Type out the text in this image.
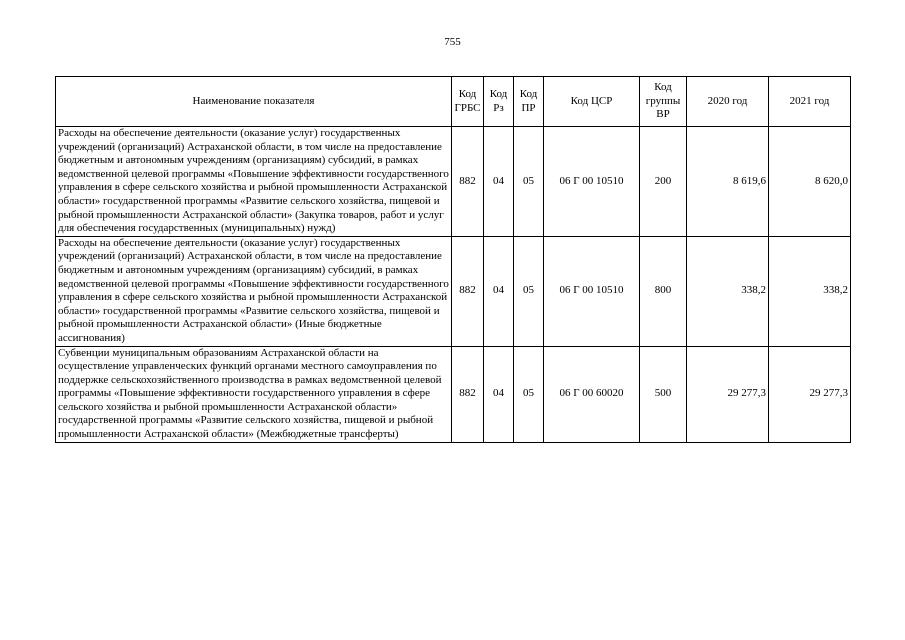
755
Наименование показателя	Код ГРБС	Код Рз	Код ПР	Код ЦСР	Код группы ВР	2020 год	2021 год
Расходы на обеспечение деятельности (оказание услуг) государственных учреждений (организаций) Астраханской области, в том числе на предоставление бюджетным и автономным учреждениям (организациям) субсидий, в рамках ведомственной целевой программы «Повышение эффективности государственного управления в сфере сельского хозяйства и рыбной промышленности Астраханской области» государственной программы «Развитие сельского хозяйства, пищевой и рыбной промышленности Астраханской области» (Закупка товаров, работ и услуг для обеспечения государственных (муниципальных) нужд)	882	04	05	06 Г 00 10510	200	8 619,6	8 620,0
Расходы на обеспечение деятельности (оказание услуг) государственных учреждений (организаций) Астраханской области, в том числе на предоставление бюджетным и автономным учреждениям (организациям) субсидий, в рамках ведомственной целевой программы «Повышение эффективности государственного управления в сфере сельского хозяйства и рыбной промышленности Астраханской области» государственной программы «Развитие сельского хозяйства, пищевой и рыбной промышленности Астраханской области» (Иные бюджетные ассигнования)	882	04	05	06 Г 00 10510	800	338,2	338,2
Субвенции муниципальным образованиям Астраханской области на осуществление управленческих функций органами местного самоуправления по поддержке сельскохозяйственного производства в рамках ведомственной целевой программы «Повышение эффективности государственного управления в сфере сельского хозяйства и рыбной промышленности Астраханской области» государственной программы «Развитие сельского хозяйства, пищевой и рыбной промышленности Астраханской области» (Межбюджетные трансферты)	882	04	05	06 Г 00 60020	500	29 277,3	29 277,3
